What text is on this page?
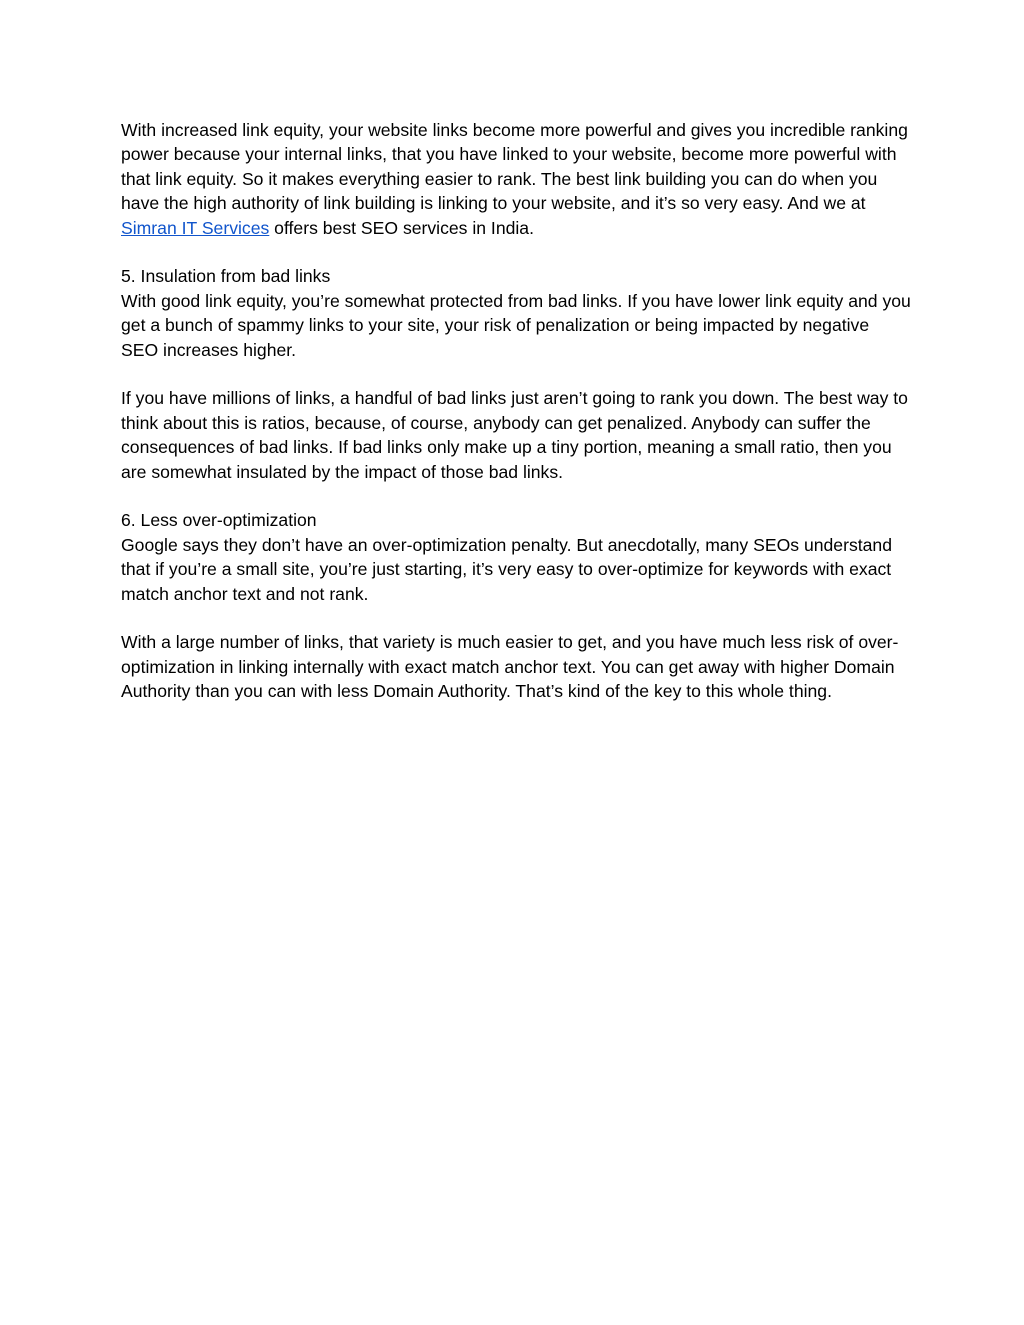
With increased link equity, your website links become more powerful and gives you incredible ranking power because your internal links, that you have linked to your website, become more powerful with that link equity. So it makes everything easier to rank. The best link building you can do when you have the high authority of link building is linking to your website, and it’s so very easy. And we at Simran IT Services offers best SEO services in India.

5. Insulation from bad links
With good link equity, you’re somewhat protected from bad links. If you have lower link equity and you get a bunch of spammy links to your site, your risk of penalization or being impacted by negative SEO increases higher.

If you have millions of links, a handful of bad links just aren’t going to rank you down. The best way to think about this is ratios, because, of course, anybody can get penalized. Anybody can suffer the consequences of bad links. If bad links only make up a tiny portion, meaning a small ratio, then you are somewhat insulated by the impact of those bad links.

6. Less over-optimization
Google says they don’t have an over-optimization penalty. But anecdotally, many SEOs understand that if you’re a small site, you’re just starting, it’s very easy to over-optimize for keywords with exact match anchor text and not rank.

With a large number of links, that variety is much easier to get, and you have much less risk of over-optimization in linking internally with exact match anchor text. You can get away with higher Domain Authority than you can with less Domain Authority. That’s kind of the key to this whole thing.
